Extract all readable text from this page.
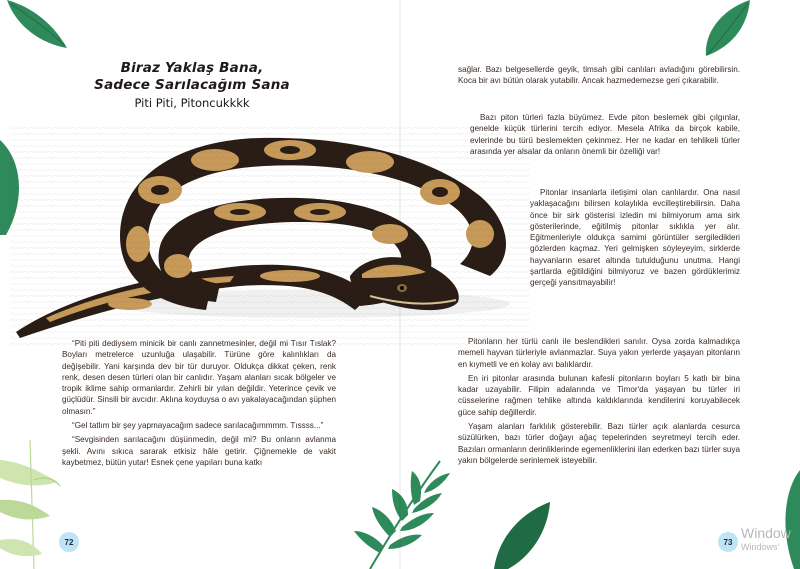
Biraz Yaklaş Bana,
Sadece Sarılacağım Sana
Piti Piti, Pitoncukkkk

“Piti piti dediysem minicik bir canlı zannetmesinler, değil mi Tısır Tıslak? Boyları metrelerce uzunluğa ulaşabilir. Türüne göre kalınlıkları da değişebilir. Yani karşında dev bir tür duruyor. Oldukça dikkat çeken, renk renk, desen desen türleri olan bir canlıdır. Yaşam alanları sıcak bölgeler ve tropik iklime sahip ormanlardır. Zehirli bir yılan değildir. Yeterince çevik ve güçlüdür. Sinsili bir avcıdır. Aklına koyduysa o avı yakalayacağından şüphen olmasın.”

“Gel tatlım bir şey yapmayacağım sadece sarılacağımmmm. Tıssss...”

“Sevgisinden sarılacağını düşünmedin, değil mi? Bu onların avlanma şekli. Avını sıkıca sararak etkisiz hâle getirir. Çiğnemekle de vakit kaybetmez, bütün yutar! Esnek çene yapıları buna katkı

72

sağlar. Bazı belgesellerde geyik, timsah gibi canlıları avladığını görebilirsin. Koca bir avı bütün olarak yutabilir. Ancak hazmedemezse geri çıkarabilir.

Bazı piton türleri fazla büyümez. Evde piton beslemek gibi çılgınlar, genelde küçük türlerini tercih ediyor. Mesela Afrika da birçok kabile, evlerinde bu türü beslemekten çekinmez. Her ne kadar en tehlikeli türler arasında yer alsalar da onların önemli bir özelliği var!

Pitonlar insanlarla iletişimi olan canlılardır. Ona nasıl yaklaşacağını bilirsen kolaylıkla evcilleştirebilirsin. Daha önce bir sirk gösterisi izledin mi bilmiyorum ama sirk gösterilerinde, eğitilmiş pitonlar sıklıkla yer alır. Eğitmenleriyle oldukça samimi görüntüler sergiledikleri gözlerden kaçmaz. Yeri gelmişken söyleyeyim, sirklerde hayvanların esaret altında tutulduğunu unutma. Hangi şartlarda eğitildiğini bilmiyoruz ve bazen gördüklerimiz gerçeği yansıtmayabilir!

Pitonların her türlü canlı ile beslendikleri sanılır. Oysa zorda kalmadıkça memeli hayvan türleriyle avlanmazlar. Suya yakın yerlerde yaşayan pitonların en kıymetli ve en kolay avı balıklardır.

En iri pitonlar arasında bulunan kafesli pitonların boyları 5 katlı bir bina kadar uzayabilir. Filipin adalarında ve Timor'da yaşayan bu türler iri cüsselerine rağmen tehlike altında kaldıklarında kendilerini koruyabilecek güce sahip değillerdir.

Yaşam alanları farklılık gösterebilir. Bazı türler açık alanlarda cesurca süzülürken, bazı türler doğayı ağaç tepelerinden seyretmeyi tercih eder. Bazıları ormanların derinliklerinde egemenliklerini ilan ederken bazı türler suya yakın bölgelerde serinlemek isteyebilir.

73
Window
Windows'
